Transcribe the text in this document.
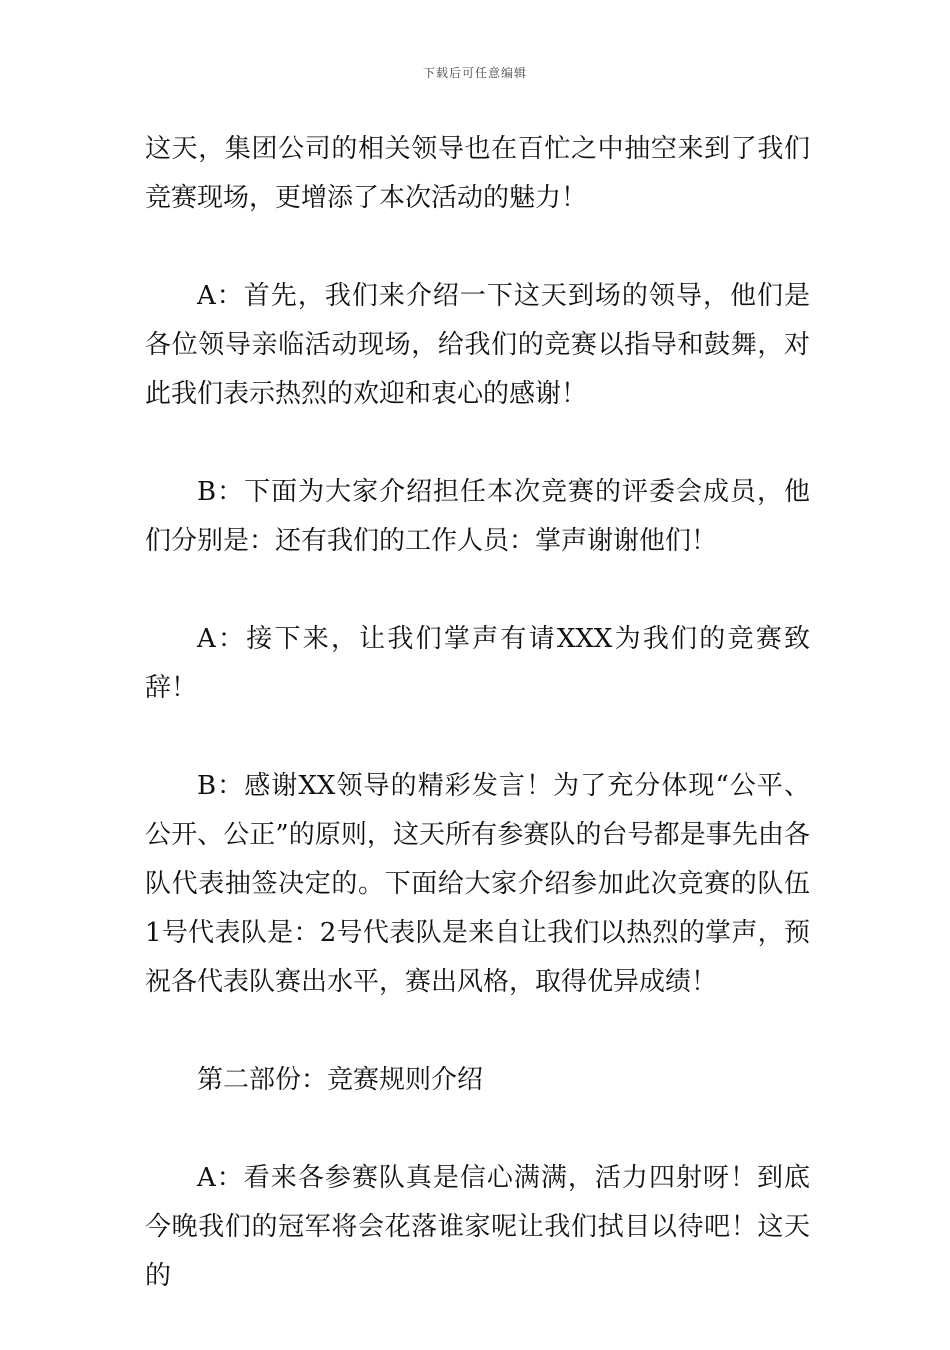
下载后可任意编辑

这天，集团公司的相关领导也在百忙之中抽空来到了我们竞赛现场，更增添了本次活动的魅力！

A：首先，我们来介绍一下这天到场的领导，他们是各位领导亲临活动现场，给我们的竞赛以指导和鼓舞，对此我们表示热烈的欢迎和衷心的感谢！

B：下面为大家介绍担任本次竞赛的评委会成员，他们分别是：还有我们的工作人员：掌声谢谢他们！

A：接下来，让我们掌声有请XXX为我们的竞赛致辞！

B：感谢XX领导的精彩发言！为了充分体现“公平、公开、公正”的原则，这天所有参赛队的台号都是事先由各队代表抽签决定的。下面给大家介绍参加此次竞赛的队伍1号代表队是：2号代表队是来自让我们以热烈的掌声，预祝各代表队赛出水平，赛出风格，取得优异成绩！

第二部份：竞赛规则介绍

A：看来各参赛队真是信心满满，活力四射呀！到底今晚我们的冠军将会花落谁家呢让我们拭目以待吧！这天的
